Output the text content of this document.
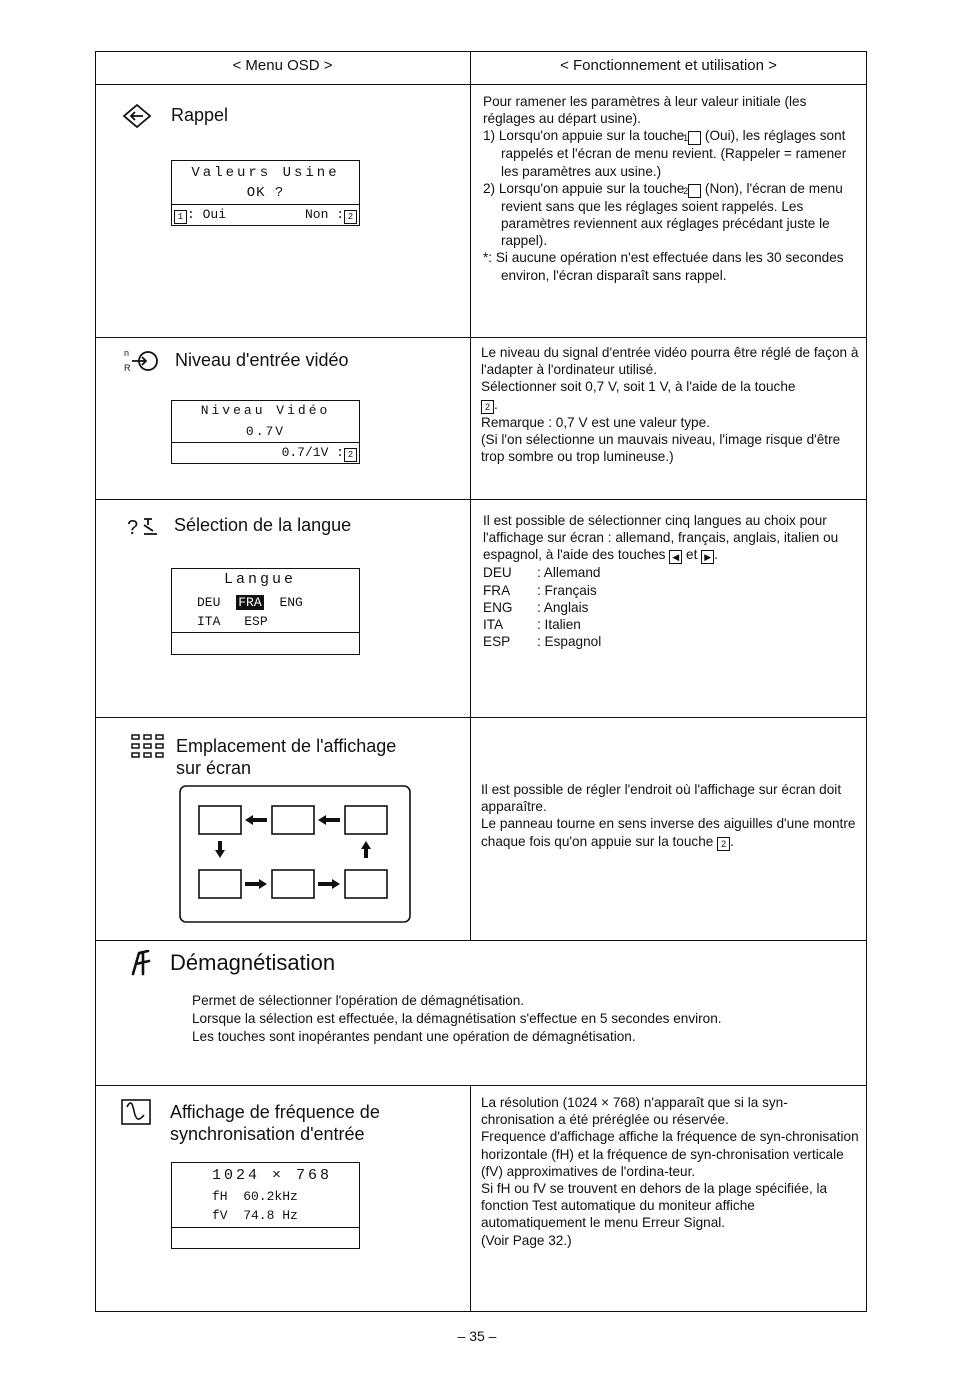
< Menu OSD >	< Fonctionnement et utilisation >
Rappel
Valeurs Usine
OK ?
1 : Oui	Non : 2

Pour ramener les paramètres à leur valeur initiale (les réglages au départ usine).

1) Lorsqu'on appuie sur la touche 1 (Oui), les réglages sont rappelés et l'écran de menu revient. (Rappeler = ramener les paramètres aux usine.)

2) Lorsqu'on appuie sur la touche 2 (Non), l'écran de menu revient sans que les réglages soient rappelés. Les paramètres reviennent aux réglages précédant juste le rappel).

*: Si aucune opération n'est effectuée dans les 30 secondes environ, l'écran disparaît sans rappel.

n
R Niveau d'entrée vidéo
Niveau Vidéo
0.7V
0.7/1V : 2

Le niveau du signal d'entrée vidéo pourra être réglé de façon à l'adapter à l'ordinateur utilisé.

Sélectionner soit 0,7 V, soit 1 V, à l'aide de la touche
2 .

Remarque : 0,7 V est une valeur type.

(Si l'on sélectionne un mauvais niveau, l'image risque d'être trop sombre ou trop lumineuse.)

? Sélection de la langue
Langue
DEU FRA ENG
ITA ESP

Il est possible de sélectionner cinq langues au choix pour l'affichage sur écran : allemand, français, anglais, italien ou espagnol, à l'aide des touches ◀ et ▶ .

DEU	: Allemand
FRA	: Français
ENG	: Anglais
ITA	: Italien
ESP	: Espagnol
Emplacement de l'affichage
sur écran

Il est possible de régler l'endroit où l'affichage sur écran doit apparaître.

Le panneau tourne en sens inverse des aiguilles d'une montre chaque fois qu'on appuie sur la touche 2 .

Démagnétisation

Permet de sélectionner l'opération de démagnétisation.

Lorsque la sélection est effectuée, la démagnétisation s'effectue en 5 secondes environ.

Les touches sont inopérantes pendant une opération de démagnétisation.

Affichage de fréquence de
synchronisation d'entrée
1024 × 768
fH  60.2kHz
fV  74.8 Hz

La résolution (1024 × 768) n'apparaît que si la syn-chronisation a été préréglée ou réservée.

Frequence d'affichage affiche la fréquence de syn-chronisation horizontale (fH) et la fréquence de syn-chronisation verticale (fV) approximatives de l'ordina-teur.

Si fH ou fV se trouvent en dehors de la plage spécifiée, la fonction Test automatique du moniteur affiche automatiquement le menu Erreur Signal.

(Voir Page 32.)

– 35 –
